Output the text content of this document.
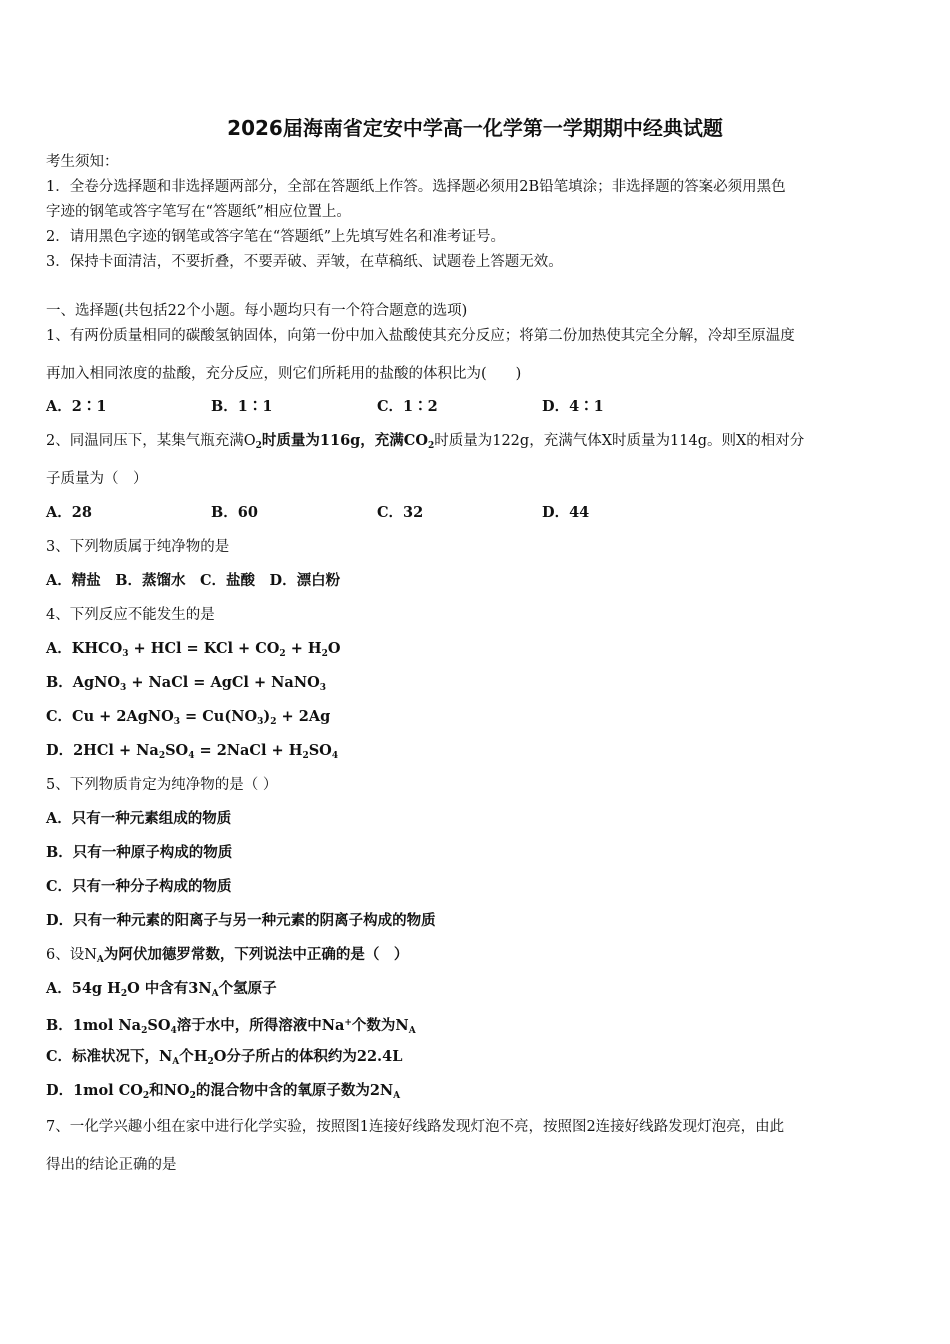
2026届海南省定安中学高一化学第一学期期中经典试题
考生须知：
1．全卷分选择题和非选择题两部分，全部在答题纸上作答。选择题必须用2B铅笔填涂；非选择题的答案必须用黑色
字迹的钢笔或答字笔写在“答题纸”相应位置上。
2．请用黑色字迹的钢笔或答字笔在“答题纸”上先填写姓名和准考证号。
3．保持卡面清洁，不要折叠，不要弄破、弄皱，在草稿纸、试题卷上答题无效。
一、选择题(共包括22个小题。每小题均只有一个符合题意的选项)
1、有两份质量相同的碳酸氢钠固体，向第一份中加入盐酸使其充分反应；将第二份加热使其完全分解，冷却至原温度
再加入相同浓度的盐酸，充分反应，则它们所耗用的盐酸的体积比为(　　)
A．2∶1	B．1∶1	C．1∶2	D．4∶1
2、同温同压下，某集气瓶充满$O_2$时质量为116g，充满$CO_2$时质量为122g，充满气体X时质量为114g。则X的相对分
子质量为（　）
A．28	B．60	C．32	D．44
3、下列物质属于纯净物的是
A．精盐　B．蒸馏水　C．盐酸　D．漂白粉
4、下列反应不能发生的是
A．$KHCO_3$ + HCl = KCl + $CO_2 + H_2O$
B．AgNO$_3$ + NaCl = AgCl + NaNO$_3$
C．Cu + 2AgNO$_3$ = $Cu(NO_3)_2 + 2Ag$
D．$2HCl + Na_2SO_4$ = 2NaCl + $H_2SO_4$
5、下列物质肯定为纯净物的是（ ）
A．只有一种元素组成的物质
B．只有一种原子构成的物质
C．只有一种分子构成的物质
D．只有一种元素的阳离子与另一种元素的阴离子构成的物质
6、设$N_A$为阿伏加德罗常数，下列说法中正确的是（　）
A．54g $H_2O$ 中含有$3N_A$个氢原子
B．1mol $Na_2SO_4$溶于水中，所得溶液中Na+个数为$N_A$
C．标准状况下，$N_A$个$H_2O$分子所占的体积约为22.4L
D．1mol $CO_2$和$NO_2$的混合物中含的氧原子数为$2N_A$
7、一化学兴趣小组在家中进行化学实验，按照图1连接好线路发现灯泡不亮，按照图2连接好线路发现灯泡亮，由此
得出的结论正确的是
